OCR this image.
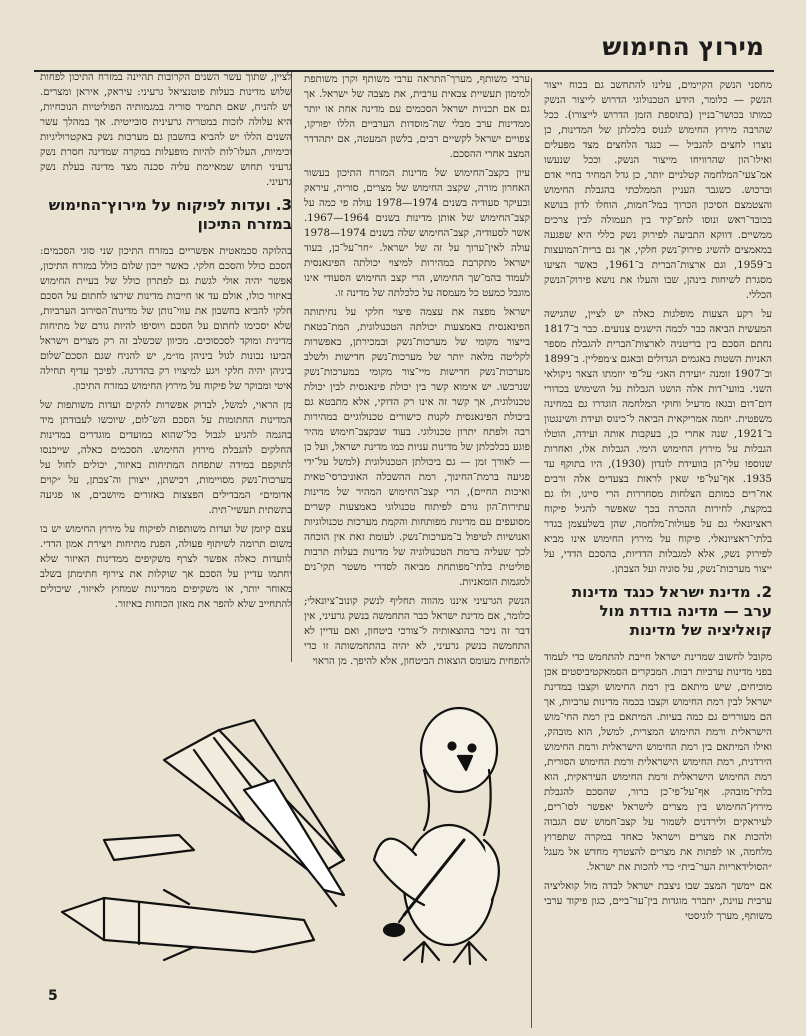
מירוץ החימוש

מחסני הנשק הקיימים, עלינו להתחשב גם בכוח ייצור הנשק — כלומר, הידע הטכנולוגי הדרוש לייצור הנשק כמותו בכושר־בניין (בתוספת הזמן הדרוש לייצורו). ככל שהרבה מירוץ החימוש לגנוס בלכלתן של המדינות, כן נוצרו לחצים להגביל — כנגד הלחצים מצד מפעלים ואילו־הון שהרוויחו מייצור הנשק. וככל שנעשו אמ־צעי־המלחמה קטלניים יותר, כן גדל המחיר בחיי אדם וברכוש. כשגבר העניין הממלכתי בהגבלת החימוש והצטמצם הסיכון הכרוך במל־חמות, הוחלו לדון בנושא בכובד־ראש ונוסו לתפ־קיד בין תעמולה לבין צרכים ממשיים. דווקא התביעה לפירוק נשק כללי היא שפגעה במאמצים להשיג פירוק־נשק חלקי, אך גם ברית־המועצות ב־1959, וגם ארצות־הברית ב־1961, כאשר הציעו מסגרת לשיחות בינהן, שבו והעלו את נושא פירוק־הנשק הכללי.

על רקע הצעות מופלגות כאלה יש לציין, שהגישה המעשית הביאה כבר לכמה הישגים צנועים. כבר ב־1817 נחתם הסכם בין בריטניה לארצות־הברית להגבלת מספר האניות השטות באגמים הגדולים ובאגם צ׳מפליין. ב־1899 וב־1907 זומנה ״ועידת האג״ על־פי יוזמתו הצאר ניקולאי השני. בוועי־דות אלה הושגו הגבלות על השימוש בכדורי דום־דום ובגאז מרעיל וחוקי המלחמה הוגדרו גם במחינה משפטית. יוזמה אמריקאית הביאה ל־כינוס ועידת וושינגטון ב־1921, שנה אחרי כן, בעקבות אותה ועידה, הוטלו הגבלות על מירוץ החימוש הימי. הגבלות אלו, ואחרות שנוספו עלי־הן בוועידת לונדון (1930), היו בתוקף עד 1935. אף־על־פי שאין לראות בצעדים אלה ורבים אח־רים כמותם הצלחות מסחררות הרי סייגו, ולו גם במקצת, לחירות ההכרה בכך שאפשר להגיל פיקוח ראציונאלי גם על פעולות־מלחמה, שהן בשלעצמן בגדר בלתי־ראציונאלי. פיקוח על מירוץ החימוש אינו מביא לפירוק נשק, אלא למגבלות הדדיות, בהסכם הדדי, על ייצור מערכות־נשק, על סוגיה ועל הצבתן.

2. מדינת ישראל כנגד מדינות ערב — מדינה בודדת מול קואליציה של מדינות

מקובל לחשוב שמדינת ישראל חייבת להתחמש כדי לעמוד בפני מדינות ערביות רבות. המבקרים הסמאקטיביסטים אכן מוכיחים, שיש מיתאם בין רמת החימוש וקצבו במדינת ישראל לבין רמת החימוש וקצבו בכמה מדינות ערביות, אך הם מעוררים גם כמה בעיות. המיתאם בין רמת החי־מוש הישראלית ורמת החימוש המצרית, למשל, הוא מובהק, ואילו המיתאם בין רמת החימוש הישראלית ורמת החימוש הירדנית, רמת החימוש הישראלית ורמת החימוש הסורית, רמת החימוש הישראלית ורמת החימוש העיראקית, הוא בלתי־מובהק. אף־על־פי־כן ברור, שהסכם להגבלת מירוץ־החימוש בין מצרים לישראל יאפשר לסו־רים, לעיראקים ולירדנים לשמור על קצב־חמוש שם הגבוה ולהכות את מצרים וישראל כאחד במקרה שתפרוץ מלחמה, או לפתות את מצרים להצטרף מחדש אל מעגל ״הסולידאריות הער־בית״ כדי להכות את ישראל.

אם יימשך המצב שבו ניצבת ישראל לבדה מול קואליציה ערבית עוינת, יתברר מוגדות בין־ער־ביים, כגון פיקוד ערבי משותף, מערך לוגיסטי

ערבי משותף, מערך־התראה ערבי משותף וקרן משותפת למימון תעשיית צבאית ערבית, את מצבה של ישראל. אך גם אם תכניות ישראל הסכמים עם מדינה אחת או יותר ממדינות ערב מבלי שה־מוסדות הערביים הללו יפורקו, צפויים ישראל לקשיים רבים, בלשון המעטה, אם יתהדדר המצב אחרי ההסכם.

עיון בקצב־החימוש של מדינות המזרח התיכון בעשור האחרון מורה, שקצב החימוש של מצרים, סוריה, עיראק ובעיקר סעודיה בשנים 1974—1978 עולה פי כמה על קצב־החימוש של אותן מדינות בשנים 1964—1967. אשר לסעודיה, קצב־החימוש שלה בשנים 1974—1978 עולה לאין־ערוך על זה של ישראל. ״חר־על־כן, בעוד ישראל מתקרבת במהירות למיצוי יכולתה הפינאנסית לעמוד בהמ־שך החימוש, הרי קצב החימוש הסעודי אינו מוגבל כמעט כל מעמסה על כלכלתה של מדינה זו.

ישראל מפצה את עצמה פיצוי חלקי על נחיתותה הפינאנסית באמצעות יכולתה הטכנולוגית, המת־בטאת בייצור מקומי של מערכות־נשק ובמכירתן, באפשרות לקליטה מלאה יותר של מערכות־נשק חדישות ולשלב מערכות־נשק חדישות מיי־צור מקומי במערכות־נשק שנרכשו. יש אימוא קשר בין יכולת פינאנסית לבין יכולת טכנולוגית, אך קשר זה אינו רק הדוקי, אלא מתבטא גם ביכולת הפינאנסית לקנות כישורים טכנולוגיים במהירות רבה ולפתח יתרון טכנולוגי. בעוד שבקצב־חימוש מהיר פוגע בכלכלתן של מדינות עניות כמו מדינת ישראל, ועל כן — לאורך זמן — גם ביכולתן הטכנולוגית (למשל על־ידי פגיעה ברמת־החינוך, רמת ההשכלה האוניברסי־טאית ואיכות החיים), הרי קצב־החימוש המהיר של מדינות עתירות־הון גורם לפיתוח טכנולוגי באמצעות קשרים מסועפים עם מדינות מפותחות והקמת מערכות טכנולוגיות ואנושיות לטיפול ב־מערכות־נשק. לעומת זאת אין הוכחה לכך שעליה ברמת הטכנולוגיה של מדינות בעלות תרבות פוליטית בלתי־מפותחת מביאה לסדרי משטר תקי־נים למגמות הומאניות.

הנשק הגרעיני איננו מהווה תחליף לנשק קונוב־ציונאלי; כלומר, אם מדינת ישראל כבר התחמשה בנשק גרעיני, אין דבר זה ניכר בהוצאותיה ל־צורכי ביטחון, ואם עדיין לא התחמשה בנשק גרעיני, לא יהיה בהתחמשותה זו כדי להפחית מעומס הוצאות הביטחון, אלא להיפך. מן הראוי

לציין, שתוך עשר השנים הקרובות תהיינה במזרח התיכון לפחות שלוש מדינות בעלות פוטנציאל גרעיני: עיראק, איראן ומצרים. יש להניח, שאם תתמיד סוריה במגמותיה הפוליטיות הנוכחיות, היא עלולה לזכות במטריה גרעינית סובייטית. אך במהלך עשר השנים הללו יש להביא בחשבון גם מערכות נשק באקטרוליגיות וכימיות, העלו־לות להיות מופעלות במקרה שמדינה חסרת נשק גרעיני תחוש שמאיימת עליה סכנה מצד מדינה בעלת נשק גרעיני.

3. ועדות לפיקוח על מירוץ־החימוש במזרח התיכון

בהלוקה סכמאטית אפשריים במזרח התיכון שני סוגי הסכמים: הסכם כולל והסכם חלקי. כאשר ייכון שלום כולל במזרח התיכון, אפשר יהיה אולי לגשת גם לפתרון כולל של בעיית החימוש באיזור כולו, אולם עד או חייבות מדינות שירצו לחתום על הסכם חלקי להביא בחשבון את עווי־נותן של מדינות־הסירוב הערביות, שלא יסכימו לחתום על הסכם ויוסיפו להיות גורם של מתיחות מדינית ומוקד לסכסוכים. מכיוון שכשלב זה רק מצרים וישראל הביעו נכונות לגול ביניהן מו״מ, יש להניח שגם הסכם־שלום ביניהן יהיה חלקי ויגע למיצויו רק בהדרגה. לפיכך עדיף תחילה איטי ומבוקר של פיקוח על מירוץ החימוש במזרח התיכון.

מן הראוי, למשל, לבדוק אפשרות להקים ועדות משותפות של המדינות החתומות על הסכם הש־לום, שיוכשו לעבודתן מיד בהגמה להגיע לגבול כל־שהוא במועדים מוגדרים במדינות החלקים להגבלת מירוץ החימוש. הסכמים כאלה, שייכנסו לתוקפם במידה שתפחת המתיחות באיזור, יכולים לחול על מערכות־נשק מסויימות, רכישתן, ייצורן וה־צבתן, על ״קוים אדומים״ המבדילים הפצצות באזורים מיושבים, או פגיעה בתשתית תעשיי־תית.

עצם קיומן של ועדות משותפות לפיקוח על מירוץ החימוש יש בו משום תרומה לשיתוף פעולה, הפגת מתיחות ויצירת אמון הדדי. לוועדות כאלה אפשר לצרף משקיפים ממדינות האיזור שלא יחתמו עדיין על הסכם אך שוקלות את צירוף חתימתן בשלב מאוחר יותר, או משקיפים ממדינות שמחוץ לאיזור, שיכולים להתחייב שלא להפר את מאזן הכוחות באיזור.

5
